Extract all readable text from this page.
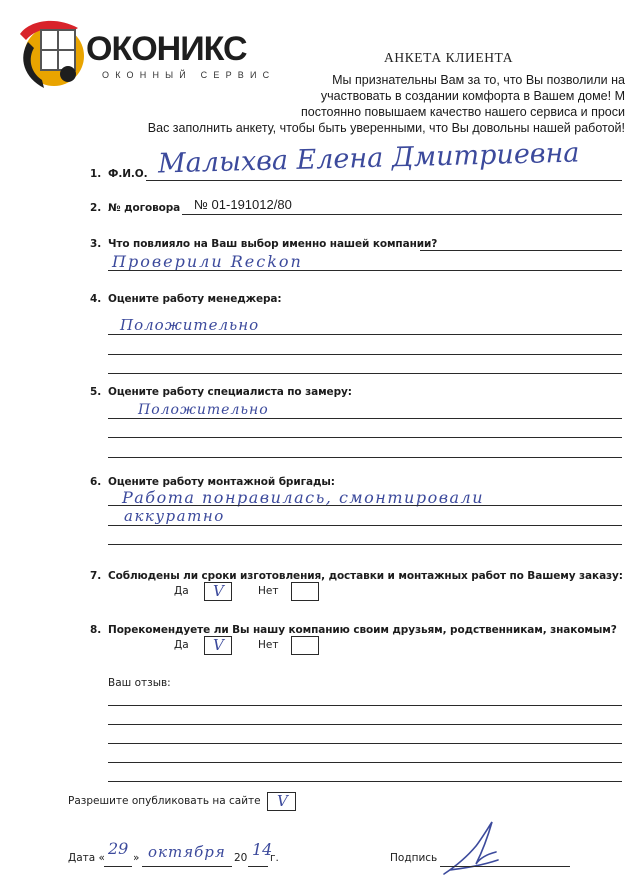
ОКОНИКС
ОКОННЫЙ СЕРВИС
АНКЕТА КЛИЕНТА
Мы признательны Вам за то, что Вы позволили на
участвовать в создании комфорта в Вашем доме! М
постоянно повышаем качество нашего сервиса и проси
Вас заполнить анкету, чтобы быть уверенными, что Вы довольны нашей работой!
1. Ф.И.О. Малыхва Елена Дмитриевна
2. № договора № 01-191012/80
3. Что повлияло на Ваш выбор именно нашей компании?
Проверили Reckon
4. Оцените работу менеджера:
Положительно
5. Оцените работу специалиста по замеру:
Положительно
6. Оцените работу монтажной бригады:
Работа понравилась, смонтировали
аккуратно
7. Соблюдены ли сроки изготовления, доставки и монтажных работ по Вашему заказу:
Да V	Нет
8. Порекомендуете ли Вы нашу компанию своим друзьям, родственникам, знакомым?
Да V	Нет
Ваш отзыв:
Разрешите опубликовать на сайте V
Дата « 29 » октября 20 14
г.	Подпись
